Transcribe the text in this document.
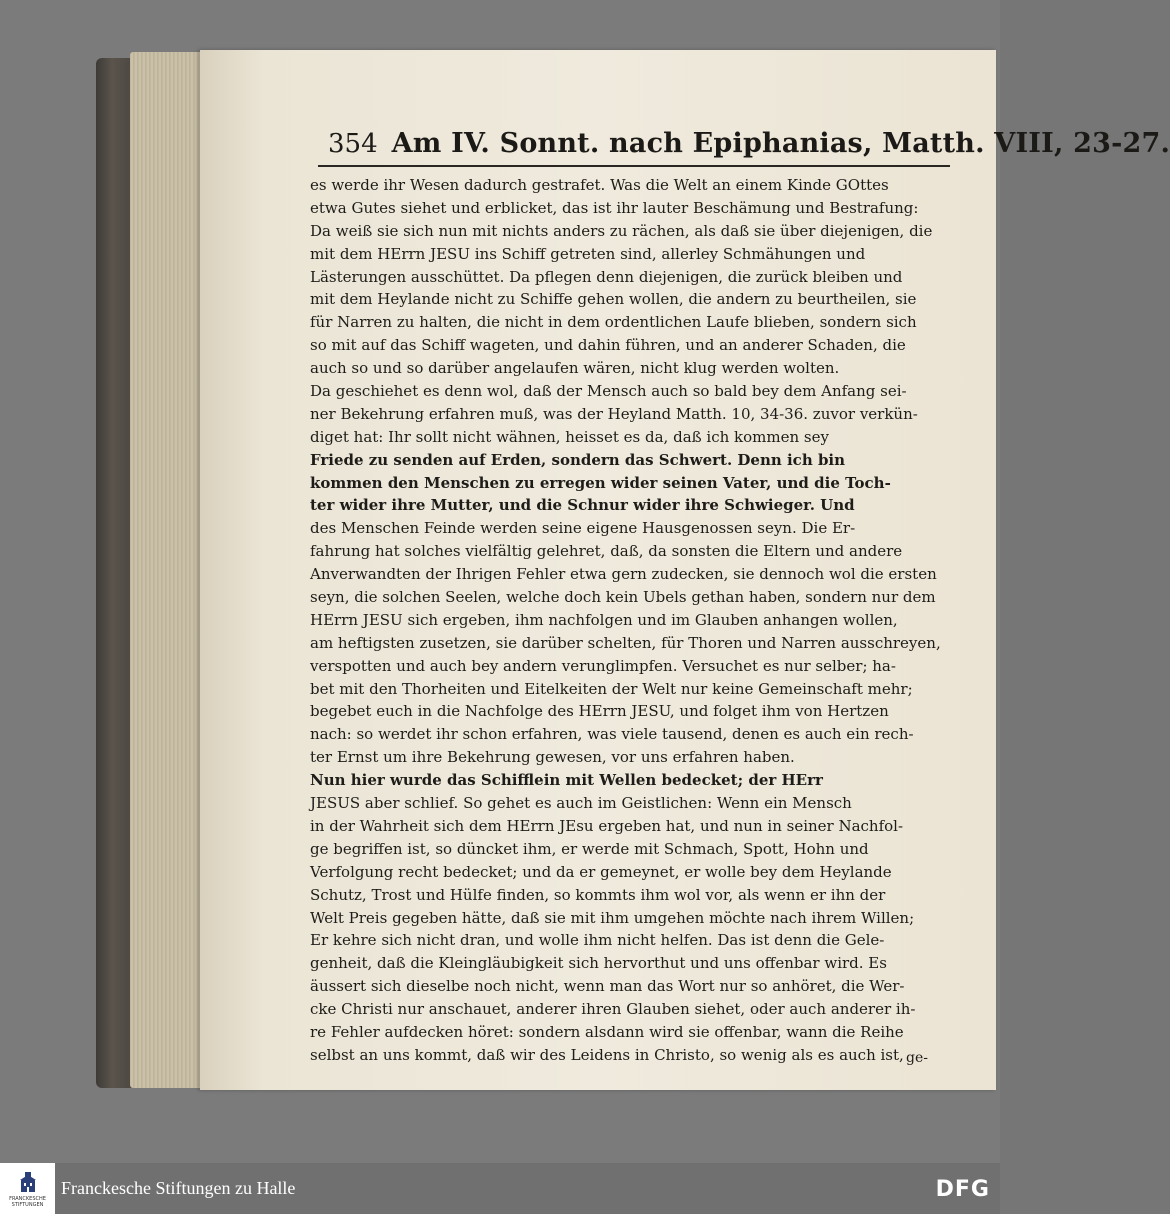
354 Am IV. Sonnt. nach Epiphanias, Matth. VIII, 23-27.
es werde ihr Wesen dadurch gestrafet. Was die Welt an einem Kinde GOttes
etwa Gutes siehet und erblicket, das ist ihr lauter Beschämung und Bestrafung:
Da weiß sie sich nun mit nichts anders zu rächen, als daß sie über diejenigen, die
mit dem HErrn JESU ins Schiff getreten sind, allerley Schmähungen und
Lästerungen ausschüttet. Da pflegen denn diejenigen, die zurück bleiben und
mit dem Heylande nicht zu Schiffe gehen wollen, die andern zu beurtheilen, sie
für Narren zu halten, die nicht in dem ordentlichen Laufe blieben, sondern sich
so mit auf das Schiff wageten, und dahin führen, und an anderer Schaden, die
auch so und so darüber angelaufen wären, nicht klug werden wolten.
Da geschiehet es denn wol, daß der Mensch auch so bald bey dem Anfang sei-
ner Bekehrung erfahren muß, was der Heyland Matth. 10, 34-36. zuvor verkün-
diget hat: Ihr sollt nicht wähnen, heisset es da, daß ich kommen sey
Friede zu senden auf Erden, sondern das Schwert. Denn ich bin
kommen den Menschen zu erregen wider seinen Vater, und die Toch-
ter wider ihre Mutter, und die Schnur wider ihre Schwieger. Und
des Menschen Feinde werden seine eigene Hausgenossen seyn. Die Er-
fahrung hat solches vielfältig gelehret, daß, da sonsten die Eltern und andere
Anverwandten der Ihrigen Fehler etwa gern zudecken, sie dennoch wol die ersten
seyn, die solchen Seelen, welche doch kein Ubels gethan haben, sondern nur dem
HErrn JESU sich ergeben, ihm nachfolgen und im Glauben anhangen wollen,
am heftigsten zusetzen, sie darüber schelten, für Thoren und Narren ausschreyen,
verspotten und auch bey andern verunglimpfen. Versuchet es nur selber; ha-
bet mit den Thorheiten und Eitelkeiten der Welt nur keine Gemeinschaft mehr;
begebet euch in die Nachfolge des HErrn JESU, und folget ihm von Hertzen
nach: so werdet ihr schon erfahren, was viele tausend, denen es auch ein rech-
ter Ernst um ihre Bekehrung gewesen, vor uns erfahren haben.
Nun hier wurde das Schifflein mit Wellen bedecket; der HErr
JESUS aber schlief. So gehet es auch im Geistlichen: Wenn ein Mensch
in der Wahrheit sich dem HErrn JEsu ergeben hat, und nun in seiner Nachfol-
ge begriffen ist, so düncket ihm, er werde mit Schmach, Spott, Hohn und
Verfolgung recht bedecket; und da er gemeynet, er wolle bey dem Heylande
Schutz, Trost und Hülfe finden, so kommts ihm wol vor, als wenn er ihn der
Welt Preis gegeben hätte, daß sie mit ihm umgehen möchte nach ihrem Willen;
Er kehre sich nicht dran, und wolle ihm nicht helfen. Das ist denn die Gele-
genheit, daß die Kleingläubigkeit sich hervorthut und uns offenbar wird. Es
äussert sich dieselbe noch nicht, wenn man das Wort nur so anhöret, die Wer-
cke Christi nur anschauet, anderer ihren Glauben siehet, oder auch anderer ih-
re Fehler aufdecken höret: sondern alsdann wird sie offenbar, wann die Reihe
selbst an uns kommt, daß wir des Leidens in Christo, so wenig als es auch ist, ge-
FRANCKESCHE
STIFTUNGEN
Franckesche Stiftungen zu Halle	DFG
